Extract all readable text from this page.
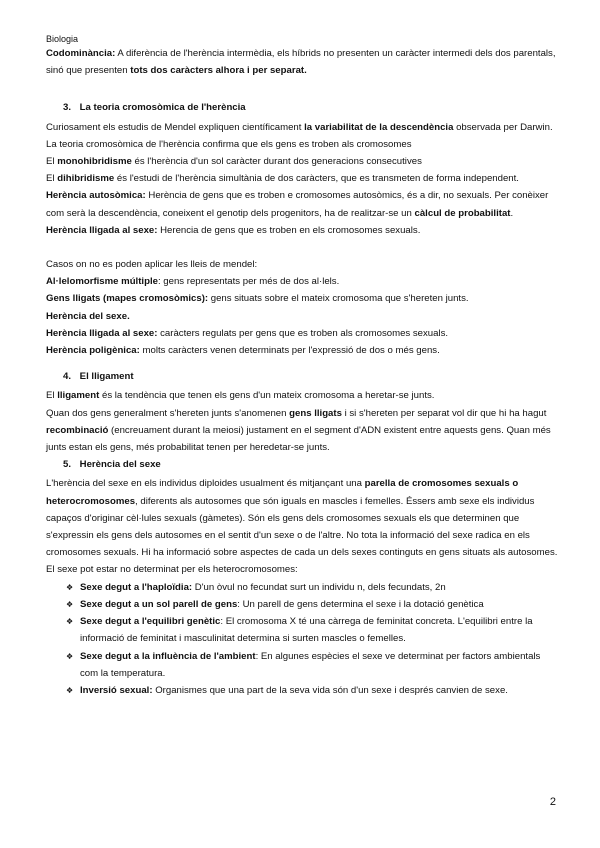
Biologia

Codominància: A diferència de l'herència intermèdia, els híbrids no presenten un caràcter intermedi dels dos parentals, sinó que presenten tots dos caràcters alhora i per separat.

3. La teoria cromosòmica de l'herència

Curiosament els estudis de Mendel expliquen científicament la variabilitat de la descendència observada per Darwin. La teoria cromosòmica de l'herència confirma que els gens es troben als cromosomes

El monohibridisme és l'herència d'un sol caràcter durant dos generacions consecutives

El dihibridisme és l'estudi de l'herència simultània de dos caràcters, que es transmeten de forma independent.

Herència autosòmica: Herència de gens que es troben e cromosomes autosòmics, és a dir, no sexuals. Per conèixer com serà la descendència, coneixent el genotip dels progenitors, ha de realitzar-se un càlcul de probabilitat.

Herència lligada al sexe: Herencia de gens que es troben en els cromosomes sexuals.

Casos on no es poden aplicar les lleis de mendel:

Al·lelomorfisme múltiple: gens representats per més de dos al·lels.

Gens lligats (mapes cromosòmics): gens situats sobre el mateix cromosoma que s'hereten junts.

Herència del sexe.

Herència lligada al sexe: caràcters regulats per gens que es troben als cromosomes sexuals.

Herència poligènica: molts caràcters venen determinats per l'expressió de dos o més gens.

4. El lligament

El lligament és la tendència que tenen els gens d'un mateix cromosoma a heretar-se junts.

Quan dos gens generalment s'hereten junts s'anomenen gens lligats i si s'hereten per separat vol dir que hi ha hagut recombinació (encreuament durant la meiosi) justament en el segment d'ADN existent entre aquests gens. Quan més junts estan els gens, més probabilitat tenen per heredetar-se junts.

5. Herència del sexe

L'herència del sexe en els individus diploides usualment és mitjançant una parella de cromosomes sexuals o heterocromosomes, diferents als autosomes que són iguals en mascles i femelles. Éssers amb sexe els individus capaços d'originar cèl·lules sexuals (gàmetes). Són els gens dels cromosomes sexuals els que determinen que s'expressin els gens dels autosomes en el sentit d'un sexe o de l'altre. No tota la informació del sexe radica en els cromosomes sexuals. Hi ha informació sobre aspectes de cada un dels sexes continguts en gens situats als autosomes.

El sexe pot estar no determinat per els heterocromosomes:

❖ Sexe degut a l'haploïdia: D'un òvul no fecundat surt un individu n, dels fecundats, 2n
❖ Sexe degut a un sol parell de gens: Un parell de gens determina el sexe i la dotació genètica
❖ Sexe degut a l'equilibri genètic: El cromosoma X té una càrrega de feminitat concreta. L'equilibri entre la informació de feminitat i masculinitat determina si surten mascles o femelles.
❖ Sexe degut a la influència de l'ambient: En algunes espècies el sexe ve determinat per factors ambientals com la temperatura.
❖ Inversió sexual: Organismes que una part de la seva vida són d'un sexe i després canvien de sexe.
2
